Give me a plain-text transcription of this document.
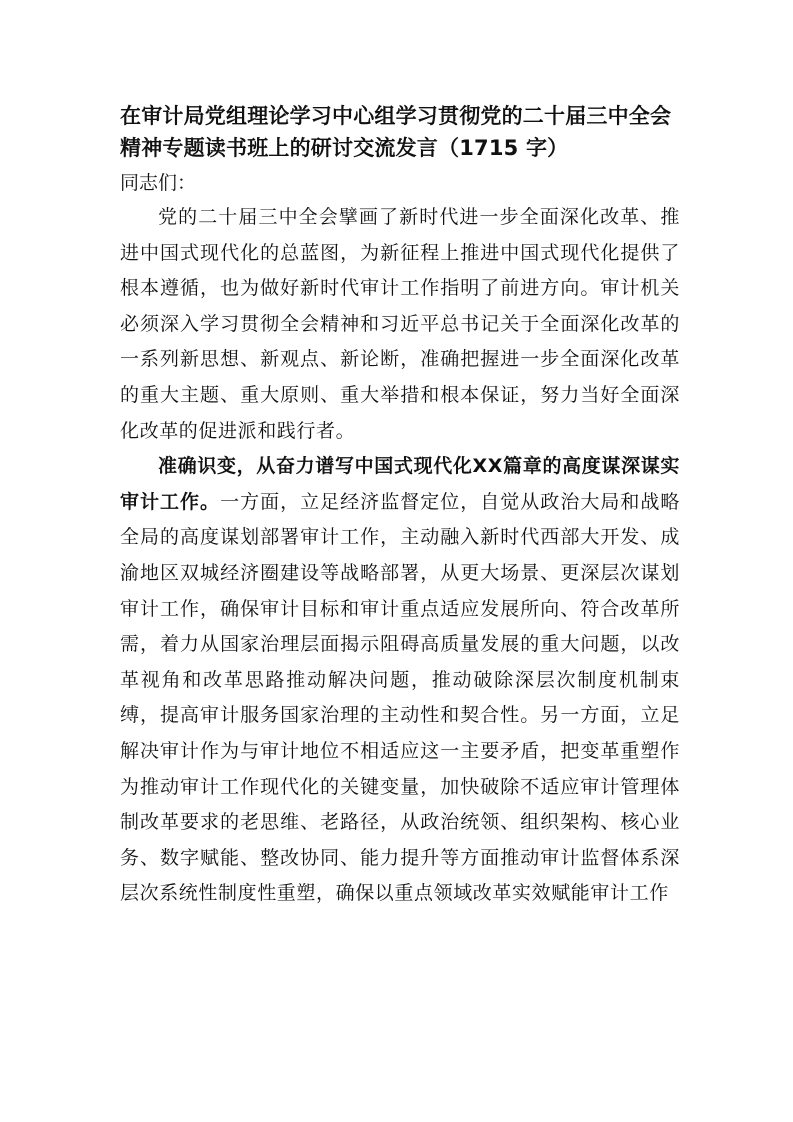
在审计局党组理论学习中心组学习贯彻党的二十届三中全会精神专题读书班上的研讨交流发言（1715 字）

同志们：

党的二十届三中全会擘画了新时代进一步全面深化改革、推进中国式现代化的总蓝图，为新征程上推进中国式现代化提供了根本遵循，也为做好新时代审计工作指明了前进方向。审计机关必须深入学习贯彻全会精神和习近平总书记关于全面深化改革的一系列新思想、新观点、新论断，准确把握进一步全面深化改革的重大主题、重大原则、重大举措和根本保证，努力当好全面深化改革的促进派和践行者。

准确识变，从奋力谱写中国式现代化XX篇章的高度谋深谋实审计工作。一方面，立足经济监督定位，自觉从政治大局和战略全局的高度谋划部署审计工作，主动融入新时代西部大开发、成渝地区双城经济圈建设等战略部署，从更大场景、更深层次谋划审计工作，确保审计目标和审计重点适应发展所向、符合改革所需，着力从国家治理层面揭示阻碍高质量发展的重大问题，以改革视角和改革思路推动解决问题，推动破除深层次制度机制束缚，提高审计服务国家治理的主动性和契合性。另一方面，立足解决审计作为与审计地位不相适应这一主要矛盾，把变革重塑作为推动审计工作现代化的关键变量，加快破除不适应审计管理体制改革要求的老思维、老路径，从政治统领、组织架构、核心业务、数字赋能、整改协同、能力提升等方面推动审计监督体系深层次系统性制度性重塑，确保以重点领域改革实效赋能审计工作
